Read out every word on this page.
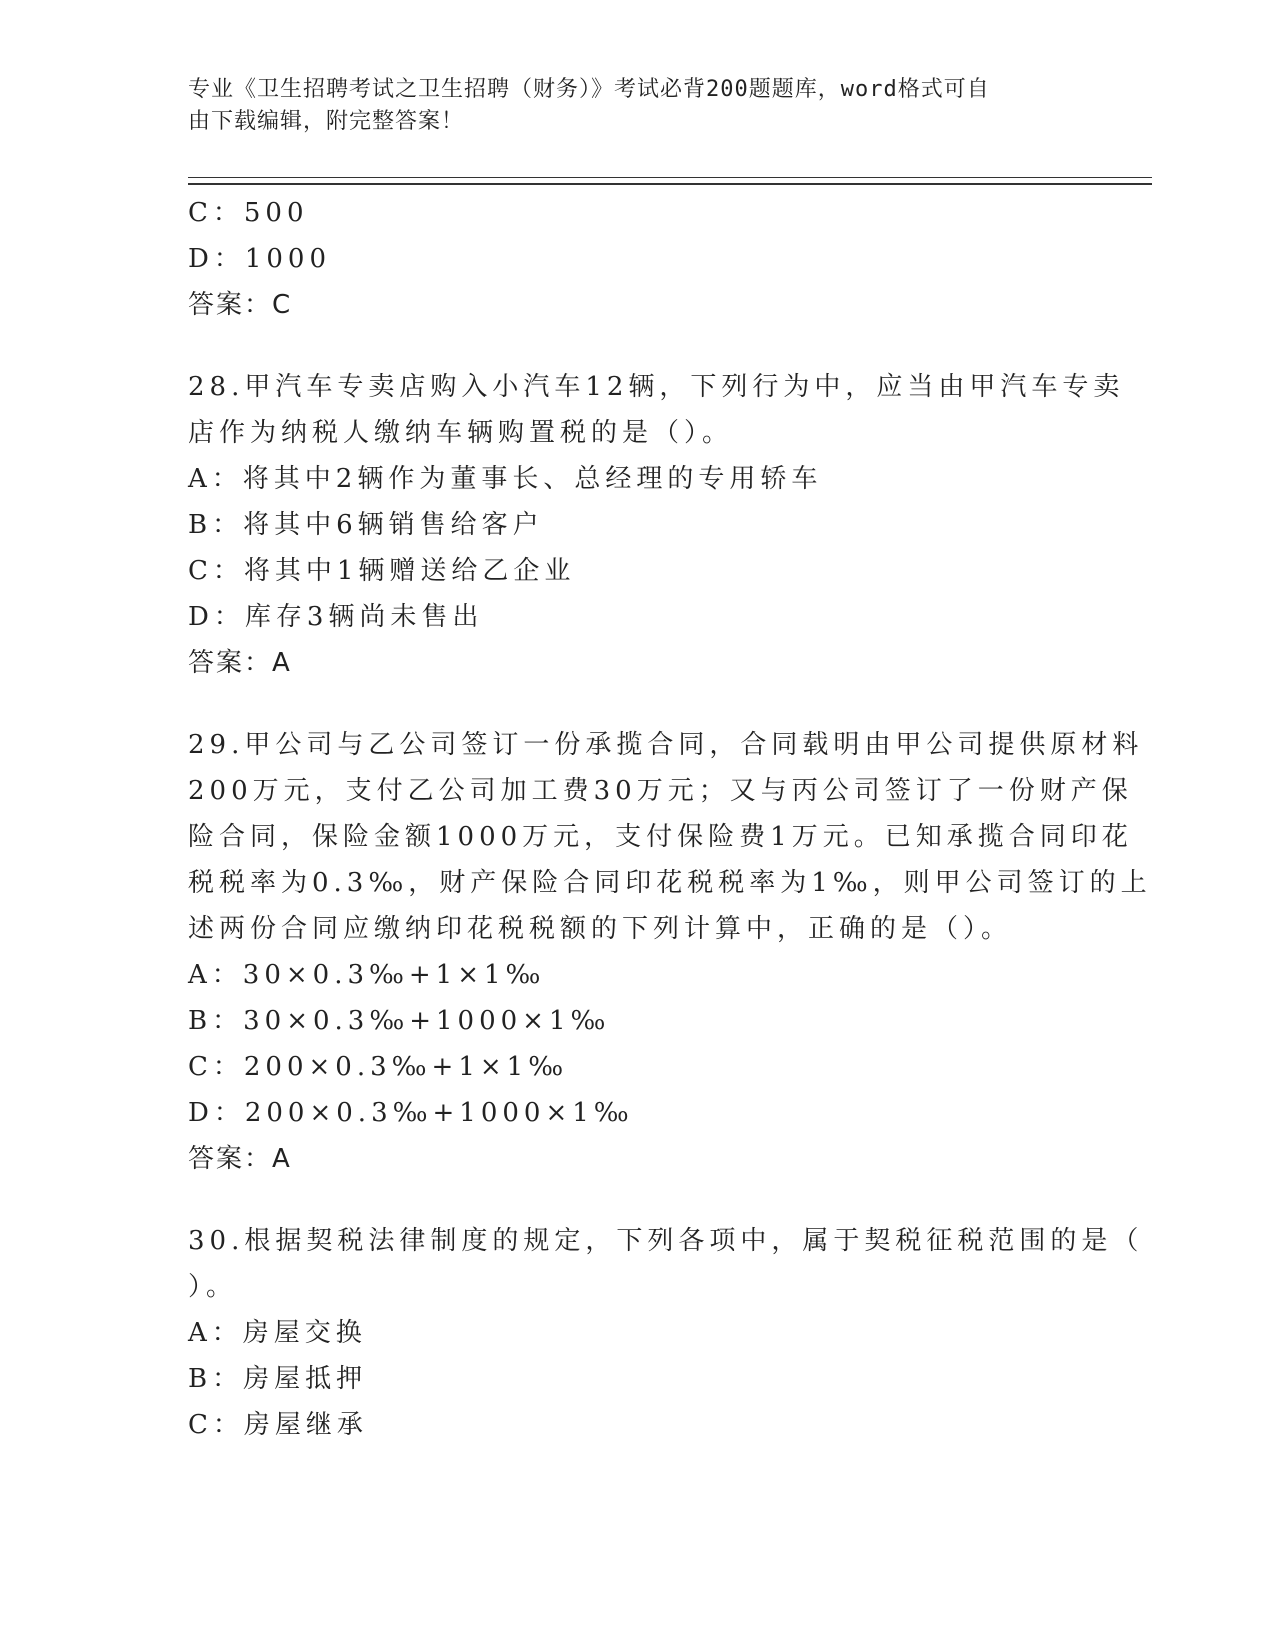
专业《卫生招聘考试之卫生招聘（财务）》考试必背200题题库，word格式可自
由下载编辑，附完整答案！
C：500
D：1000
答案：C
28.甲汽车专卖店购入小汽车12辆，下列行为中，应当由甲汽车专卖
店作为纳税人缴纳车辆购置税的是（）。
A：将其中2辆作为董事长、总经理的专用轿车
B：将其中6辆销售给客户
C：将其中1辆赠送给乙企业
D：库存3辆尚未售出
答案：A
29.甲公司与乙公司签订一份承揽合同，合同载明由甲公司提供原材料
200万元，支付乙公司加工费30万元；又与丙公司签订了一份财产保
险合同，保险金额1000万元，支付保险费1万元。已知承揽合同印花
税税率为0.3‰，财产保险合同印花税税率为1‰，则甲公司签订的上
述两份合同应缴纳印花税税额的下列计算中，正确的是（）。
A：30×0.3‰+1×1‰
B：30×0.3‰+1000×1‰
C：200×0.3‰+1×1‰
D：200×0.3‰+1000×1‰
答案：A
30.根据契税法律制度的规定，下列各项中，属于契税征税范围的是（
）。
A：房屋交换
B：房屋抵押
C：房屋继承
